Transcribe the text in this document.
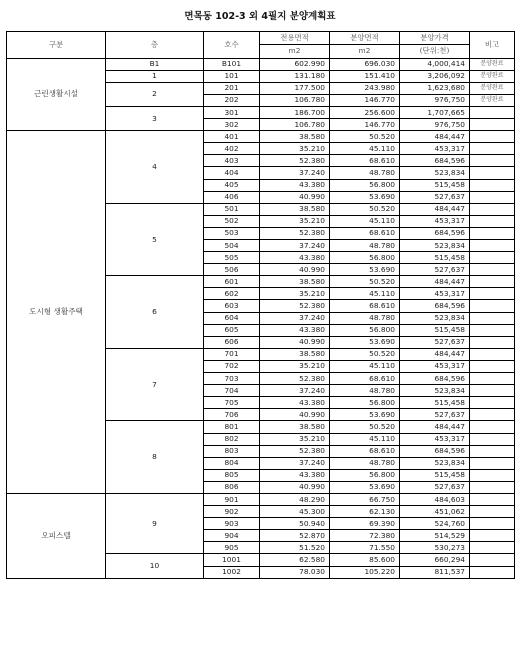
면목동 102-3 외 4필지 분양계획표
구분	층	호수	전용면적	분양면적	분양가격	비고
			m2	m2	(단위:천)	
근린생활시설	B1	B101	602.990	696.030	4,000,414	분양완료
	1	101	131.180	151.410	3,206,092	분양완료
	2	201	177.500	243.980	1,623,680	분양완료
		202	106.780	146.770	976,750	분양완료
	3	301	186.700	256.600	1,707,665	
		302	106.780	146.770	976,750	
도시형 생활주택	4	401	38.580	50.520	484,447	
		402	35.210	45.110	453,317	
		403	52.380	68.610	684,596	
		404	37.240	48.780	523,834	
		405	43.380	56.800	515,458	
		406	40.990	53.690	527,637	
	5	501	38.580	50.520	484,447	
		502	35.210	45.110	453,317	
		503	52.380	68.610	684,596	
		504	37.240	48.780	523,834	
		505	43.380	56.800	515,458	
		506	40.990	53.690	527,637	
	6	601	38.580	50.520	484,447	
		602	35.210	45.110	453,317	
		603	52.380	68.610	684,596	
		604	37.240	48.780	523,834	
		605	43.380	56.800	515,458	
		606	40.990	53.690	527,637	
	7	701	38.580	50.520	484,447	
		702	35.210	45.110	453,317	
		703	52.380	68.610	684,596	
		704	37.240	48.780	523,834	
		705	43.380	56.800	515,458	
		706	40.990	53.690	527,637	
	8	801	38.580	50.520	484,447	
		802	35.210	45.110	453,317	
		803	52.380	68.610	684,596	
		804	37.240	48.780	523,834	
		805	43.380	56.800	515,458	
		806	40.990	53.690	527,637	
오피스텔	9	901	48.290	66.750	484,603	
		902	45.300	62.130	451,062	
		903	50.940	69.390	524,760	
		904	52.870	72.380	514,529	
		905	51.520	71.550	530,273	
	10	1001	62.580	85.600	660,294	
		1002	78.030	105.220	811,537	
